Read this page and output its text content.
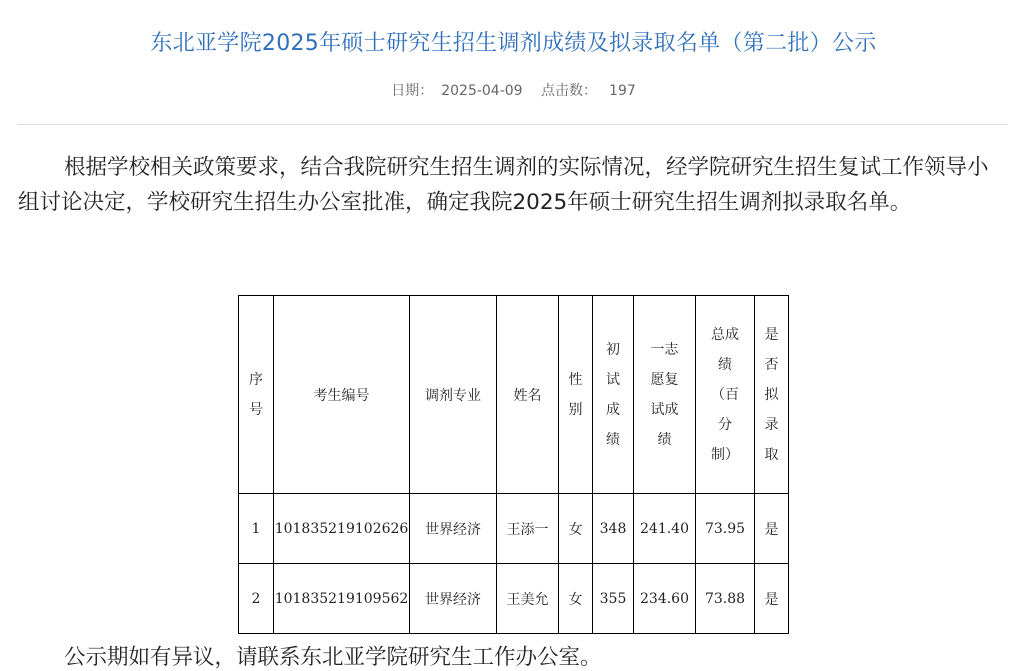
东北亚学院2025年硕士研究生招生调剂成绩及拟录取名单（第二批）公示
日期： 2025-04-09 点击数： 197
根据学校相关政策要求，结合我院研究生招生调剂的实际情况，经学院研究生招生复试工作领导小组讨论决定，学校研究生招生办公室批准，确定我院2025年硕士研究生招生调剂拟录取名单。
序号	考生编号	调剂专业	姓名	性别	初试成绩	一志愿复试成绩	总成绩（百分制）	是否拟录取

1	101835219102626	世界经济	王添一	女	348	241.40	73.95	是
2	101835219109562	世界经济	王美允	女	355	234.60	73.88	是
公示期如有异议，请联系东北亚学院研究生工作办公室。
